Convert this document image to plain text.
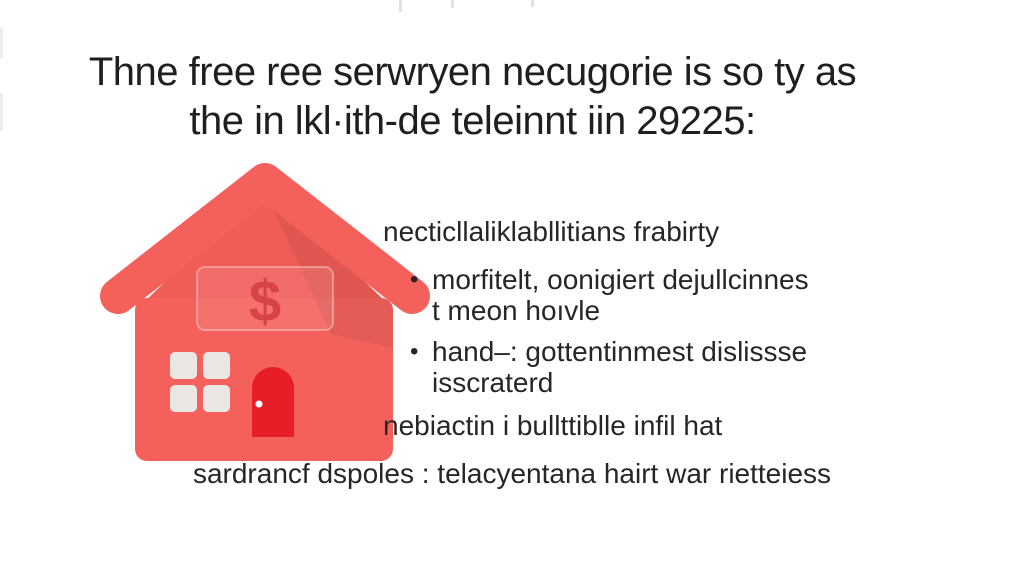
Thne free ree serwryen necugorie is so ty as
the in lkl·ith-de teleinnt iin 29225:
$
necticllaliklabllitians frabirty
• morfitelt, oonigiert dejullcinnes
t meon hoıvle
• hand–: gottentinmest dislissse
isscraterd
nebiactin i bullttiblle infil hat
sardrancf dspoles : telacyentana hairt war rietteiess
